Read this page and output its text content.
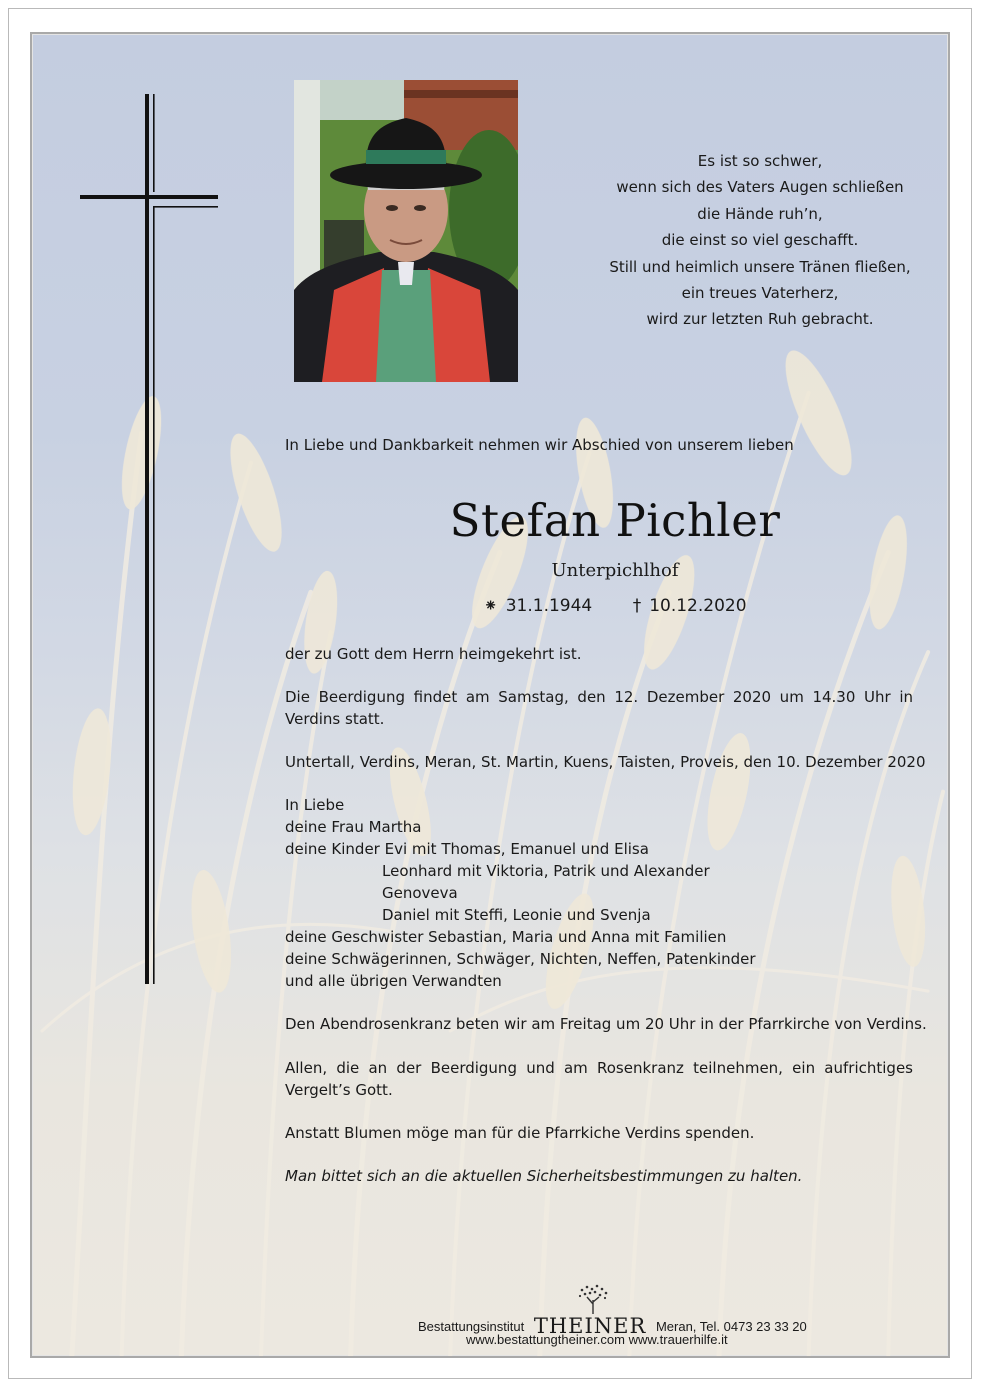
Es ist so schwer,
wenn sich des Vaters Augen schließen
die Hände ruh’n,
die einst so viel geschafft.
Still und heimlich unsere Tränen fließen,
ein treues Vaterherz,
wird zur letzten Ruh gebracht.
In Liebe und Dankbarkeit nehmen wir Abschied von unserem lieben
Stefan Pichler
Unterpichlhof
⁕ 31.1.1944 † 10.12.2020
der zu Gott dem Herrn heimgekehrt ist.
Die Beerdigung findet am Samstag, den 12. Dezember 2020 um 14.30 Uhr in Verdins statt.
Untertall, Verdins, Meran, St. Martin, Kuens, Taisten, Proveis, den 10. Dezember 2020
In Liebe
deine Frau Martha
deine Kinder Evi mit Thomas, Emanuel und Elisa
Leonhard mit Viktoria, Patrik und Alexander
Genoveva
Daniel mit Steffi, Leonie und Svenja
deine Geschwister Sebastian, Maria und Anna mit Familien
deine Schwägerinnen, Schwäger, Nichten, Neffen, Patenkinder
und alle übrigen Verwandten
Den Abendrosenkranz beten wir am Freitag um 20 Uhr in der Pfarrkirche von Verdins.
Allen, die an der Beerdigung und am Rosenkranz teilnehmen, ein aufrichtiges Vergelt’s Gott.
Anstatt Blumen möge man für die Pfarrkiche Verdins spenden.
Man bittet sich an die aktuellen Sicherheitsbestimmungen zu halten.
Bestattungsinstitut THEINER Meran, Tel. 0473 23 33 20
www.bestattungtheiner.com www.trauerhilfe.it
